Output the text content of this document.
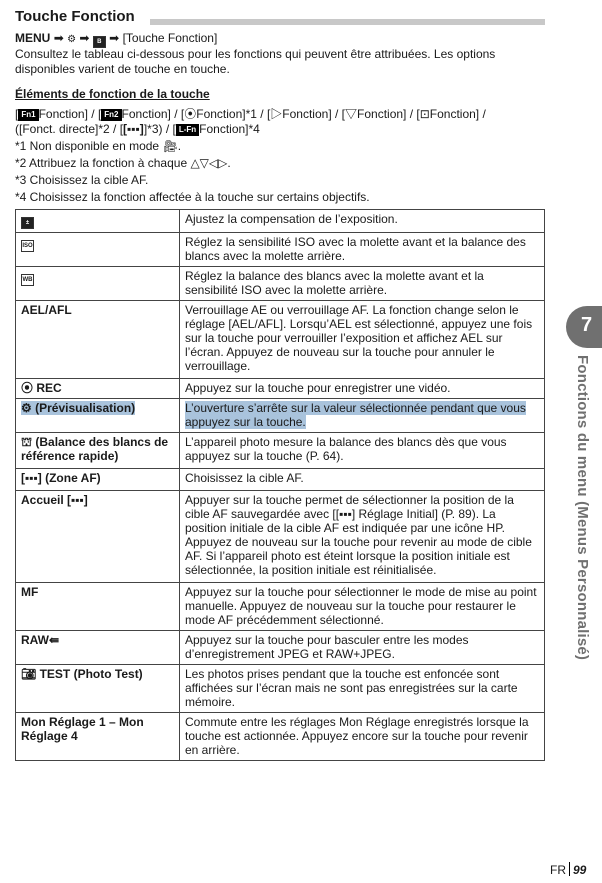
Touche Fonction
MENU ➡ ⚙ ➡ B ➡ [Touche Fonction]
Consultez le tableau ci-dessous pour les fonctions qui peuvent être attribuées. Les options disponibles varient de touche en touche.
Éléments de fonction de la touche
[ Fn1 Fonction] / [ Fn2 Fonction] / [⦿Fonction]*1 / [▷Fonction] / [▽Fonction] / [⊡Fonction] /
([Fonct. directe]*2 / [[▪▪▪]]*3) / [ L-Fn Fonction]*4
*1 Non disponible en mode 🎥︎.
*2 Attribuez la fonction à chaque △▽◁▷.
*3 Choisissez la cible AF.
*4 Choisissez la fonction affectée à la touche sur certains objectifs.
±	Ajustez la compensation de l’exposition.
ISO	Réglez la sensibilité ISO avec la molette avant et la balance des blancs avec la molette arrière.
WB	Réglez la balance des blancs avec la molette avant et la sensibilité ISO avec la molette arrière.
AEL/AFL	Verrouillage AE ou verrouillage AF. La fonction change selon le réglage [AEL/AFL]. Lorsqu’AEL est sélectionné, appuyez une fois sur la touche pour verrouiller l’exposition et affichez AEL sur l’écran. Appuyez de nouveau sur la touche pour annuler le verrouillage.
⦿ REC	Appuyez sur la touche pour enregistrer une vidéo.
⚙ (Prévisualisation)	L’ouverture s’arrête sur la valeur sélectionnée pendant que vous appuyez sur la touche.
⛫ (Balance des blancs de référence rapide)	L’appareil photo mesure la balance des blancs dès que vous appuyez sur la touche (P. 64).
[▪▪▪] (Zone AF)	Choisissez la cible AF.
Accueil [▪▪▪]	Appuyer sur la touche permet de sélectionner la position de la cible AF sauvegardée avec [[▪▪▪] Réglage Initial] (P. 89). La position initiale de la cible AF est indiquée par une icône HP. Appuyez de nouveau sur la touche pour revenir au mode de cible AF. Si l’appareil photo est éteint lorsque la position initiale est sélectionnée, la position initiale est réinitialisée.
MF	Appuyez sur la touche pour sélectionner le mode de mise au point manuelle. Appuyez de nouveau sur la touche pour restaurer le mode AF précédemment sélectionné.
RAW⇚	Appuyez sur la touche pour basculer entre les modes d’enregistrement JPEG et RAW+JPEG.
📷︎ TEST (Photo Test)	Les photos prises pendant que la touche est enfoncée sont affichées sur l’écran mais ne sont pas enregistrées sur la carte mémoire.
Mon Réglage 1 – Mon Réglage 4	Commute entre les réglages Mon Réglage enregistrés lorsque la touche est actionnée. Appuyez encore sur la touche pour revenir en arrière.
7
Fonctions du menu (Menus Personnalisé)
FR 99
